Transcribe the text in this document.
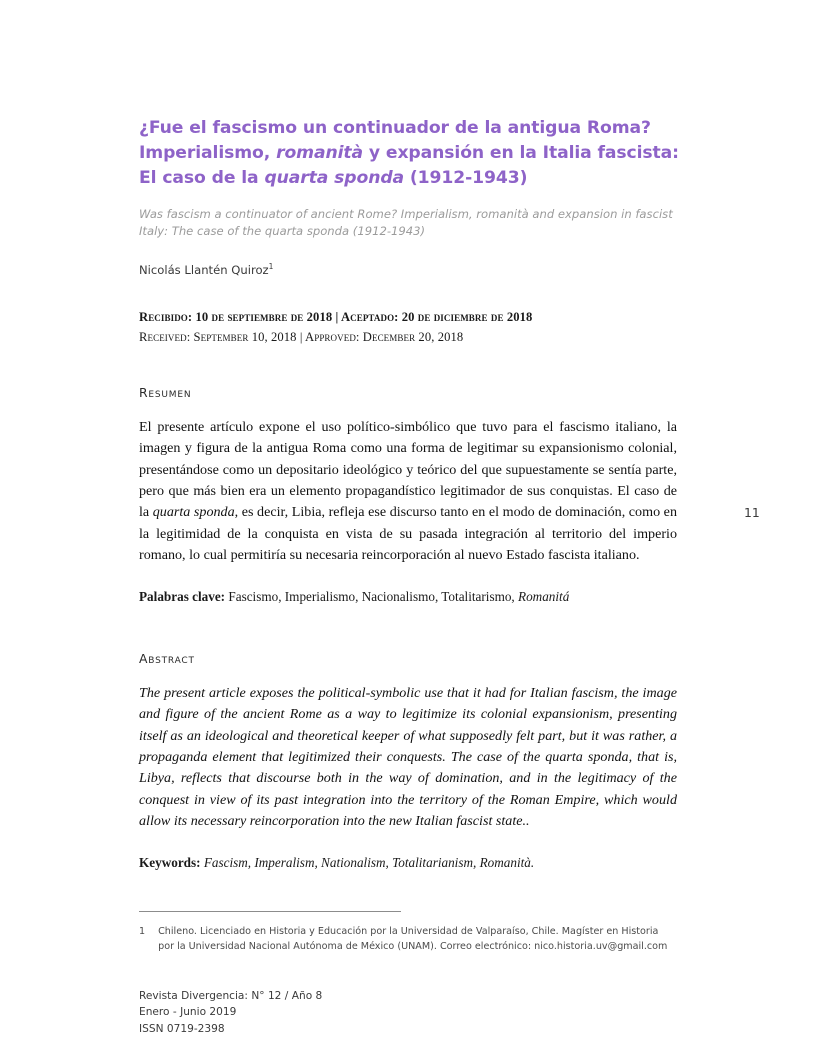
11
¿Fue el fascismo un continuador de la antigua Roma?
Imperialismo, romanità y expansión en la Italia fascista:
El caso de la quarta sponda (1912-1943)
Was fascism a continuator of ancient Rome? Imperialism, romanità and expansion in fascist Italy: The case of the quarta sponda (1912-1943)
Nicolás Llantén Quiroz$^1$
Recibido: 10 de septiembre de 2018 | Aceptado: 20 de diciembre de 2018
Received: September 10, 2018 | Approved: December 20, 2018
Resumen
El presente artículo expone el uso político-simbólico que tuvo para el fascismo italiano, la imagen y figura de la antigua Roma como una forma de legitimar su expansionismo colonial, presentándose como un depositario ideológico y teórico del que supuestamente se sentía parte, pero que más bien era un elemento propagandístico legitimador de sus conquistas. El caso de la quarta sponda, es decir, Libia, refleja ese discurso tanto en el modo de dominación, como en la legitimidad de la conquista en vista de su pasada integración al territorio del imperio romano, lo cual permitiría su necesaria reincorporación al nuevo Estado fascista italiano.
Palabras clave: Fascismo, Imperialismo, Nacionalismo, Totalitarismo, Romanitá
Abstract
The present article exposes the political-symbolic use that it had for Italian fascism, the image and figure of the ancient Rome as a way to legitimize its colonial expansionism, presenting itself as an ideological and theoretical keeper of what supposedly felt part, but it was rather, a propaganda element that legitimized their conquests. The case of the quarta sponda, that is, Libya, reflects that discourse both in the way of domination, and in the legitimacy of the conquest in view of its past integration into the territory of the Roman Empire, which would allow its necessary reincorporation into the new Italian fascist state..
Keywords: Fascism, Imperalism, Nationalism, Totalitarianism, Romanità.
1 Chileno. Licenciado en Historia y Educación por la Universidad de Valparaíso, Chile. Magíster en Historia por la Universidad Nacional Autónoma de México (UNAM). Correo electrónico: nico.historia.uv@gmail.com
Revista Divergencia: N° 12 / Año 8
Enero - Junio 2019
ISSN 0719-2398
